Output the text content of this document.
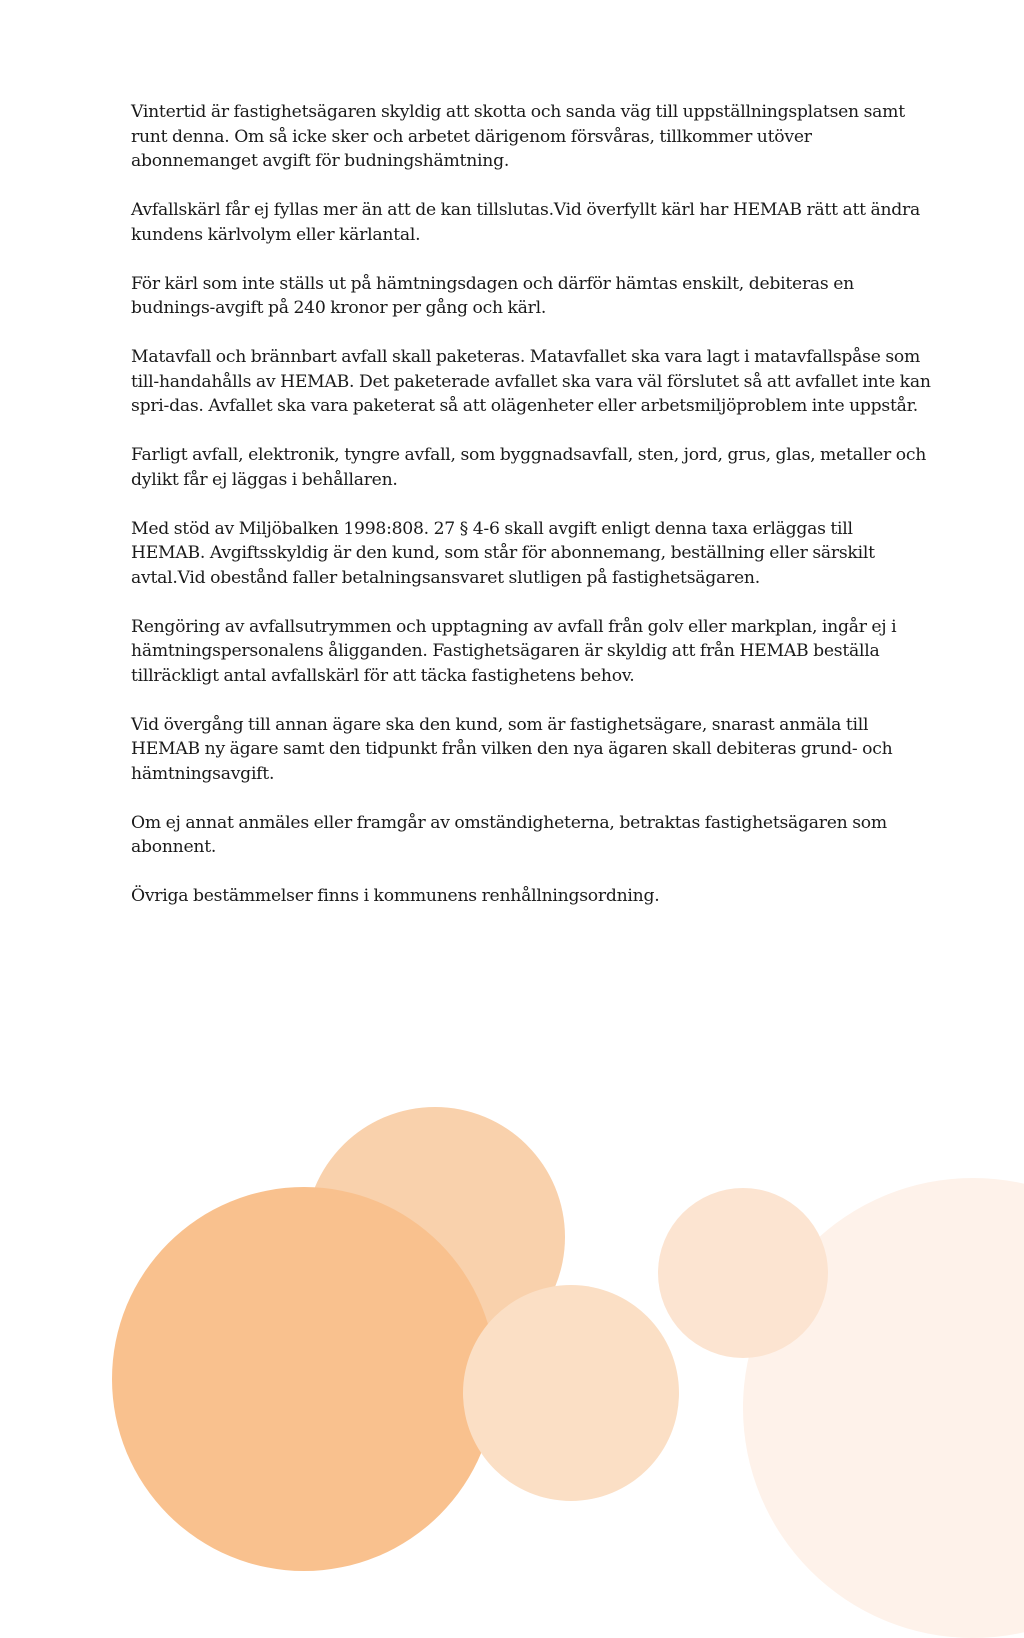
Vintertid är fastighetsägaren skyldig att skotta och sanda väg till uppställningsplatsen samt runt denna. Om så icke sker och arbetet därigenom försvåras, tillkommer utöver abonnemanget avgift för budningshämtning.

Avfallskärl får ej fyllas mer än att de kan tillslutas.Vid överfyllt kärl har HEMAB rätt att ändra kundens kärlvolym eller kärlantal.

För kärl som inte ställs ut på hämtningsdagen och därför hämtas enskilt, debiteras en budnings-avgift på 240 kronor per gång och kärl.

Matavfall och brännbart avfall skall paketeras. Matavfallet ska vara lagt i matavfallspåse som till-handahålls av HEMAB. Det paketerade avfallet ska vara väl förslutet så att avfallet inte kan spri-das. Avfallet ska vara paketerat så att olägenheter eller arbetsmiljöproblem inte uppstår.

Farligt avfall, elektronik, tyngre avfall, som byggnadsavfall, sten, jord, grus, glas, metaller och dylikt får ej läggas i behållaren.

Med stöd av Miljöbalken 1998:808. 27 § 4-6 skall avgift enligt denna taxa erläggas till HEMAB. Avgiftsskyldig är den kund, som står för abonnemang, beställning eller särskilt avtal.Vid obestånd faller betalningsansvaret slutligen på fastighetsägaren.

Rengöring av avfallsutrymmen och upptagning av avfall från golv eller markplan, ingår ej i hämtningspersonalens åligganden. Fastighetsägaren är skyldig att från HEMAB beställa tillräckligt antal avfallskärl för att täcka fastighetens behov.

Vid övergång till annan ägare ska den kund, som är fastighetsägare, snarast anmäla till HEMAB ny ägare samt den tidpunkt från vilken den nya ägaren skall debiteras grund- och hämtningsavgift.

Om ej annat anmäles eller framgår av omständigheterna, betraktas fastighetsägaren som abonnent.

Övriga bestämmelser finns i kommunens renhållningsordning.
